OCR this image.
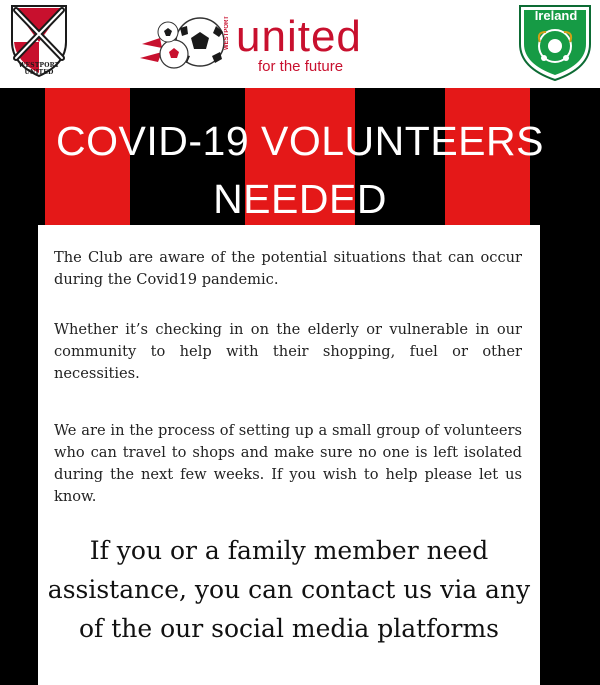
WESTPORT UNITED
WESTPORT united
for the future
Ireland
COVID-19 VOLUNTEERS
NEEDED

The Club are aware of the potential situations that can occur during the Covid19 pandemic.

Whether it’s checking in on the elderly or vulnerable in our community to help with their shopping, fuel or other necessities.

We are in the process of setting up a small group of volunteers who can travel to shops and make sure no one is left isolated during the next few weeks. If you wish to help please let us know.

If you or a family member need assistance, you can contact us via any of the our social media platforms
